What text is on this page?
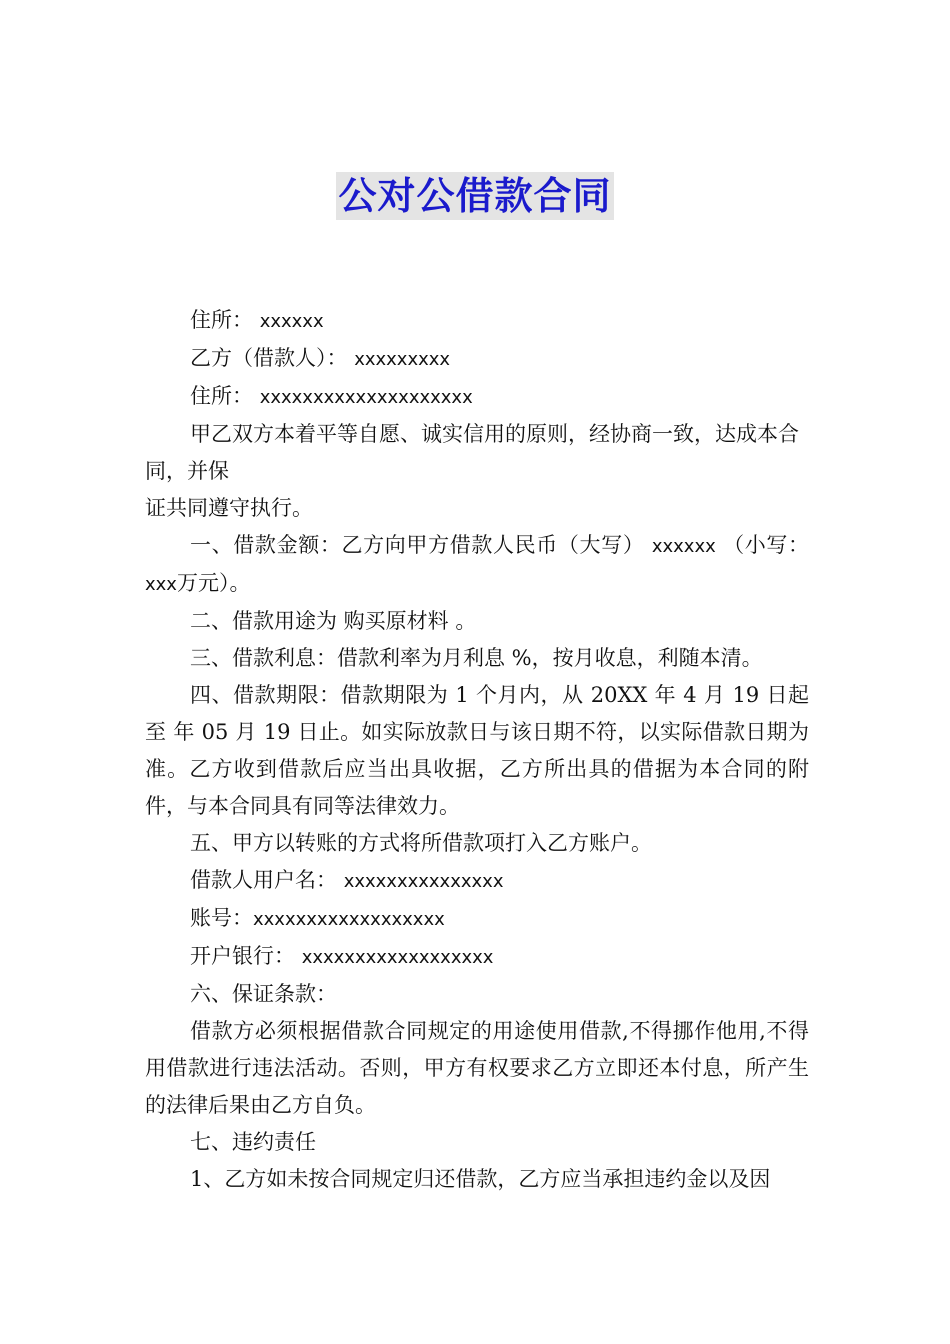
公对公借款合同

住所： xxxxxx

乙方（借款人）： xxxxxxxxx

住所： xxxxxxxxxxxxxxxxxxxx

甲乙双方本着平等自愿、诚实信用的原则，经协商一致，达成本合同，并保

证共同遵守执行。

一、借款金额：乙方向甲方借款人民币（大写） xxxxxx （小写： xxx万元）。

二、借款用途为 购买原材料 。

三、借款利息：借款利率为月利息 %，按月收息，利随本清。

四、借款期限：借款期限为 1 个月内，从 20XX 年 4 月 19 日起至 年 05 月 19 日止。如实际放款日与该日期不符，以实际借款日期为准。乙方收到借款后应当出具收据，乙方所出具的借据为本合同的附件，与本合同具有同等法律效力。

五、甲方以转账的方式将所借款项打入乙方账户。

借款人用户名： xxxxxxxxxxxxxxx

账号：xxxxxxxxxxxxxxxxxx

开户银行： xxxxxxxxxxxxxxxxxx

六、保证条款：

借款方必须根据借款合同规定的用途使用借款,不得挪作他用,不得用借款进行违法活动。否则，甲方有权要求乙方立即还本付息，所产生的法律后果由乙方自负。

七、违约责任

1、乙方如未按合同规定归还借款，乙方应当承担违约金以及因
